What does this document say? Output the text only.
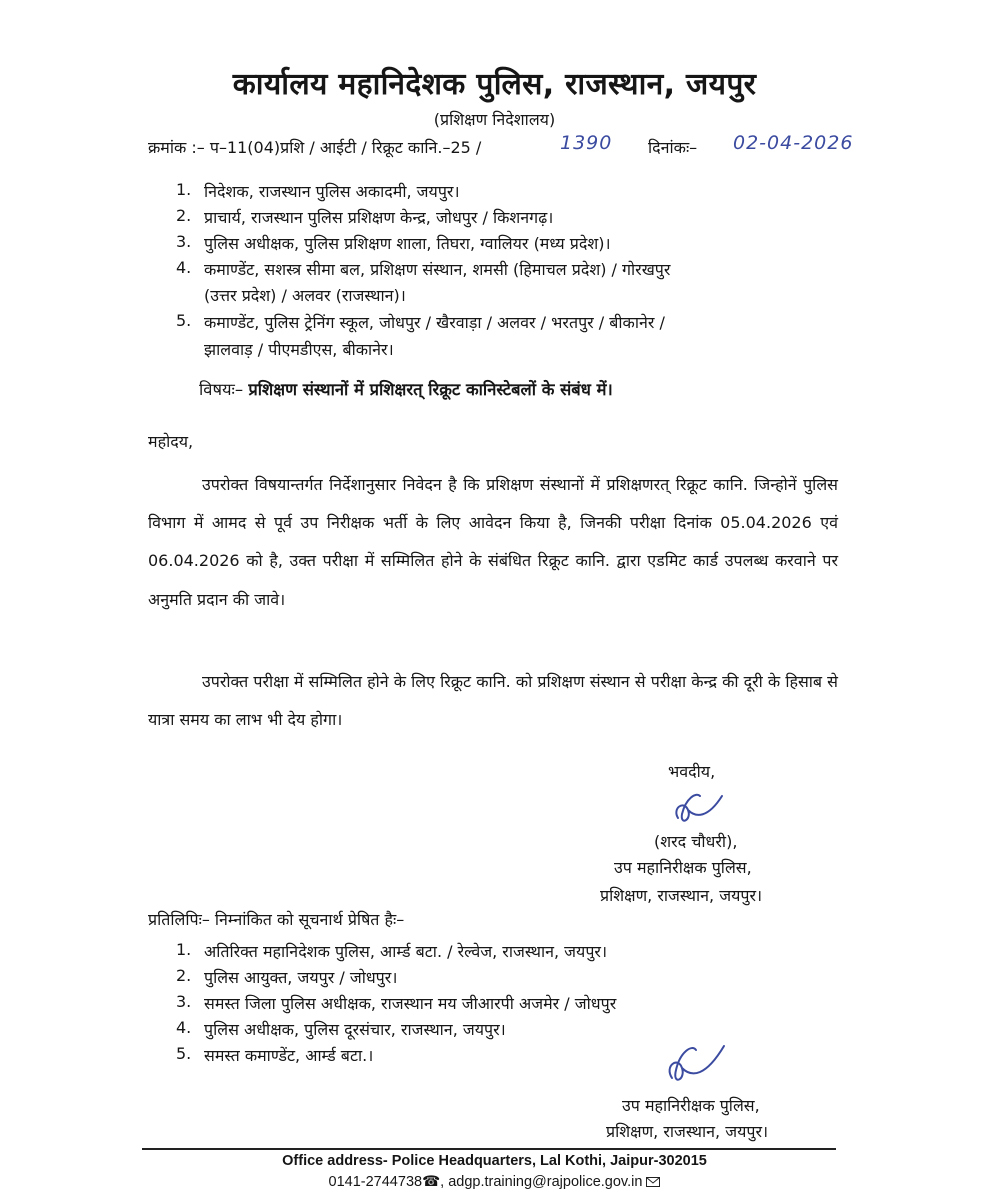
कार्यालय महानिदेशक पुलिस, राजस्थान, जयपुर
(प्रशिक्षण निदेशालय)
क्रमांक :– प–11(04)प्रशि / आईटी / रिक्रूट कानि.–25 /	1390 दिनांकः– 02-04-2026
1. निदेशक, राजस्थान पुलिस अकादमी, जयपुर।
2. प्राचार्य, राजस्थान पुलिस प्रशिक्षण केन्द्र, जोधपुर / किशनगढ़।
3. पुलिस अधीक्षक, पुलिस प्रशिक्षण शाला, तिघरा, ग्वालियर (मध्य प्रदेश)।
4. कमाण्डेंट, सशस्त्र सीमा बल, प्रशिक्षण संस्थान, शमसी (हिमाचल प्रदेश) / गोरखपुर
(उत्तर प्रदेश) / अलवर (राजस्थान)।
5. कमाण्डेंट, पुलिस ट्रेनिंग स्कूल, जोधपुर / खैरवाड़ा / अलवर / भरतपुर / बीकानेर /
झालवाड़ / पीएमडीएस, बीकानेर।
विषयः– प्रशिक्षण संस्थानों में प्रशिक्षरत् रिक्रूट कानिस्टेबलों के संबंध में।
महोदय,
उपरोक्त विषयान्तर्गत निर्देशानुसार निवेदन है कि प्रशिक्षण संस्थानों में प्रशिक्षणरत् रिक्रूट कानि. जिन्होनें पुलिस विभाग में आमद से पूर्व उप निरीक्षक भर्ती के लिए आवेदन किया है, जिनकी परीक्षा दिनांक 05.04.2026 एवं 06.04.2026 को है, उक्त परीक्षा में सम्मिलित होने के संबंधित रिक्रूट कानि. द्वारा एडमिट कार्ड उपलब्ध करवाने पर अनुमति प्रदान की जावे।
उपरोक्त परीक्षा में सम्मिलित होने के लिए रिक्रूट कानि. को प्रशिक्षण संस्थान से परीक्षा केन्द्र की दूरी के हिसाब से यात्रा समय का लाभ भी देय होगा।
भवदीय,
(शरद चौधरी),
उप महानिरीक्षक पुलिस,
प्रशिक्षण, राजस्थान, जयपुर।
प्रतिलिपिः– निम्नांकित को सूचनार्थ प्रेषित हैः–
1. अतिरिक्त महानिदेशक पुलिस, आर्म्ड बटा. / रेल्वेज, राजस्थान, जयपुर।
2. पुलिस आयुक्त, जयपुर / जोधपुर।
3. समस्त जिला पुलिस अधीक्षक, राजस्थान मय जीआरपी अजमेर / जोधपुर
4. पुलिस अधीक्षक, पुलिस दूरसंचार, राजस्थान, जयपुर।
5. समस्त कमाण्डेंट, आर्म्ड बटा.।
उप महानिरीक्षक पुलिस,
प्रशिक्षण, राजस्थान, जयपुर।
Office address- Police Headquarters, Lal Kothi, Jaipur-302015
0141-2744738☎, adgp.training@rajpolice.gov.in
